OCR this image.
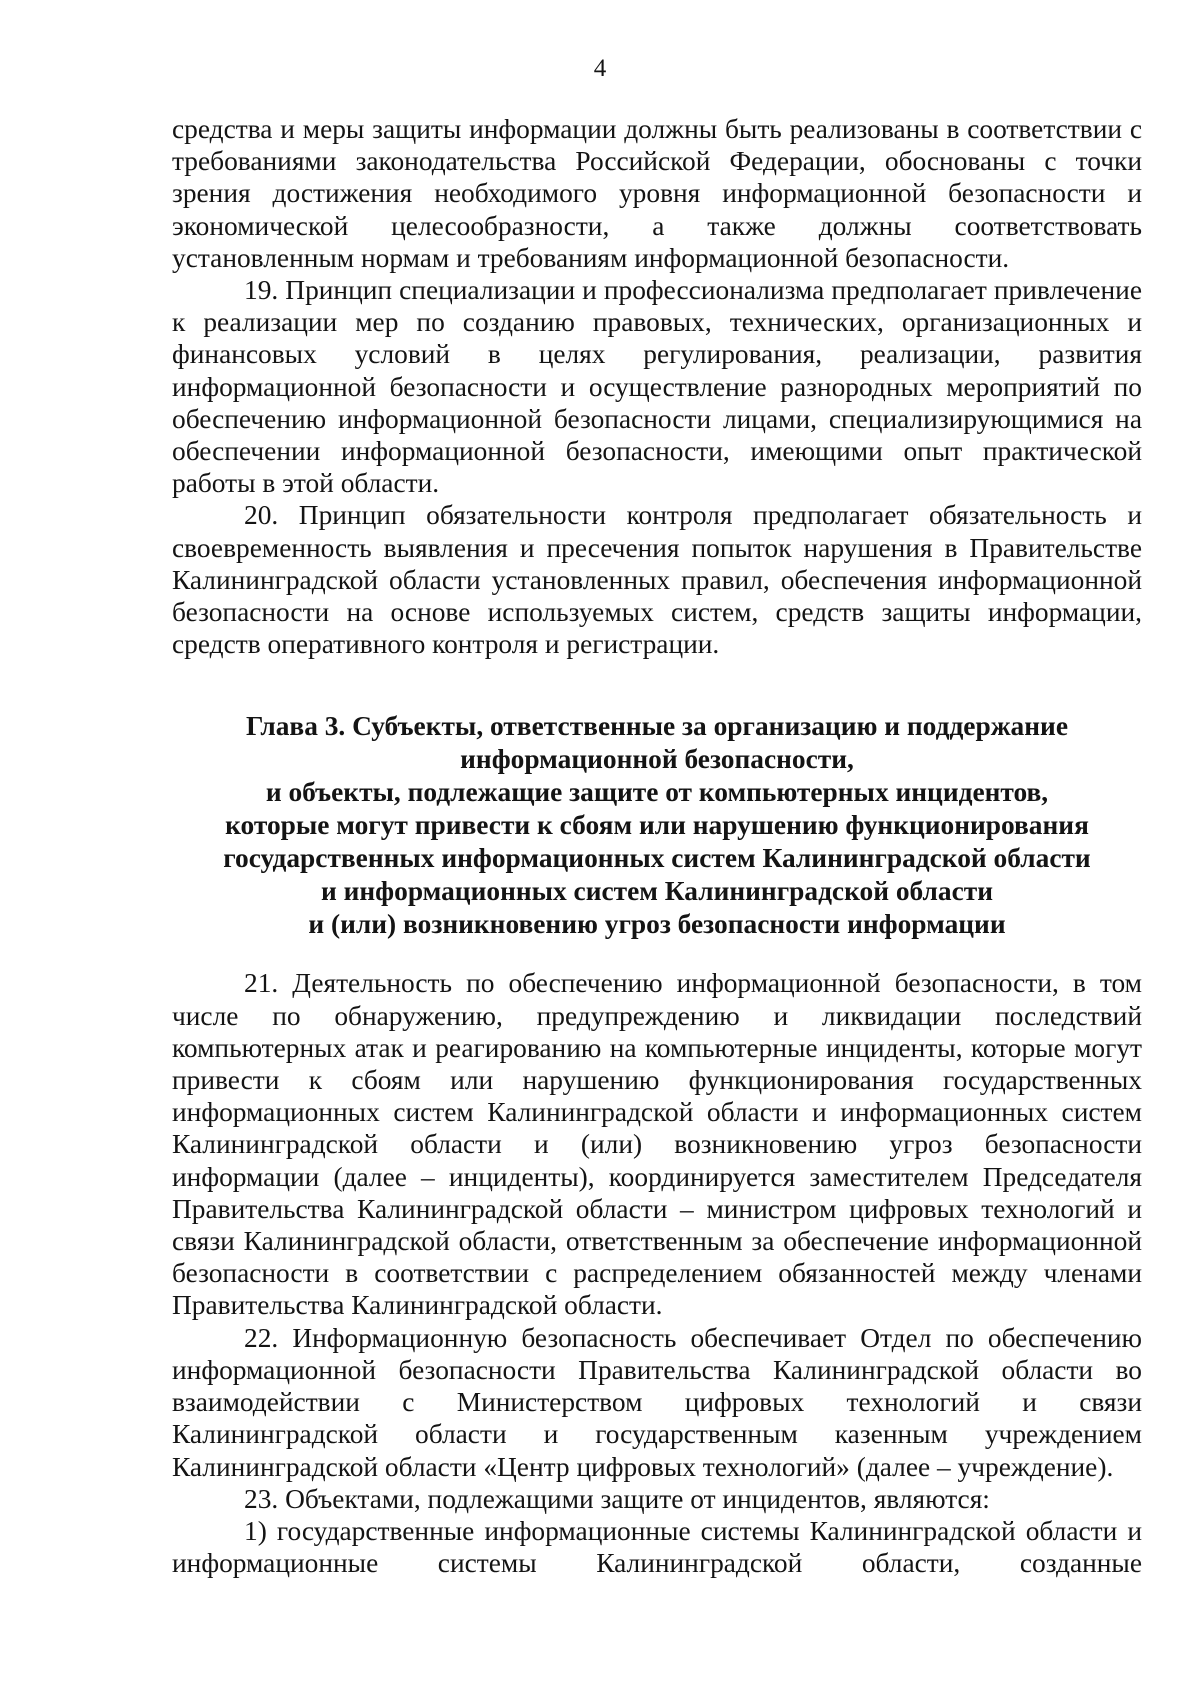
4

средства и меры защиты информации должны быть реализованы в соответствии с требованиями законодательства Российской Федерации, обоснованы с точки зрения достижения необходимого уровня информационной безопасности и экономической целесообразности, а также должны соответствовать установленным нормам и требованиям информационной безопасности.

19. Принцип специализации и профессионализма предполагает привлечение к реализации мер по созданию правовых, технических, организационных и финансовых условий в целях регулирования, реализации, развития информационной безопасности и осуществление разнородных мероприятий по обеспечению информационной безопасности лицами, специализирующимися на обеспечении информационной безопасности, имеющими опыт практической работы в этой области.

20. Принцип обязательности контроля предполагает обязательность и своевременность выявления и пресечения попыток нарушения в Правительстве Калининградской области установленных правил, обеспечения информационной безопасности на основе используемых систем, средств защиты информации, средств оперативного контроля и регистрации.

Глава 3. Субъекты, ответственные за организацию и поддержание
информационной безопасности,
и объекты, подлежащие защите от компьютерных инцидентов,
которые могут привести к сбоям или нарушению функционирования
государственных информационных систем Калининградской области
и информационных систем Калининградской области
и (или) возникновению угроз безопасности информации

21. Деятельность по обеспечению информационной безопасности, в том числе по обнаружению, предупреждению и ликвидации последствий компьютерных атак и реагированию на компьютерные инциденты, которые могут привести к сбоям или нарушению функционирования государственных информационных систем Калининградской области и информационных систем Калининградской области и (или) возникновению угроз безопасности информации (далее – инциденты), координируется заместителем Председателя Правительства Калининградской области – министром цифровых технологий и связи Калининградской области, ответственным за обеспечение информационной безопасности в соответствии с распределением обязанностей между членами Правительства Калининградской области.

22. Информационную безопасность обеспечивает Отдел по обеспечению информационной безопасности Правительства Калининградской области во взаимодействии с Министерством цифровых технологий и связи Калининградской области и государственным казенным учреждением Калининградской области «Центр цифровых технологий» (далее – учреждение).

23. Объектами, подлежащими защите от инцидентов, являются:

1) государственные информационные системы Калининградской области и информационные системы Калининградской области, созданные
